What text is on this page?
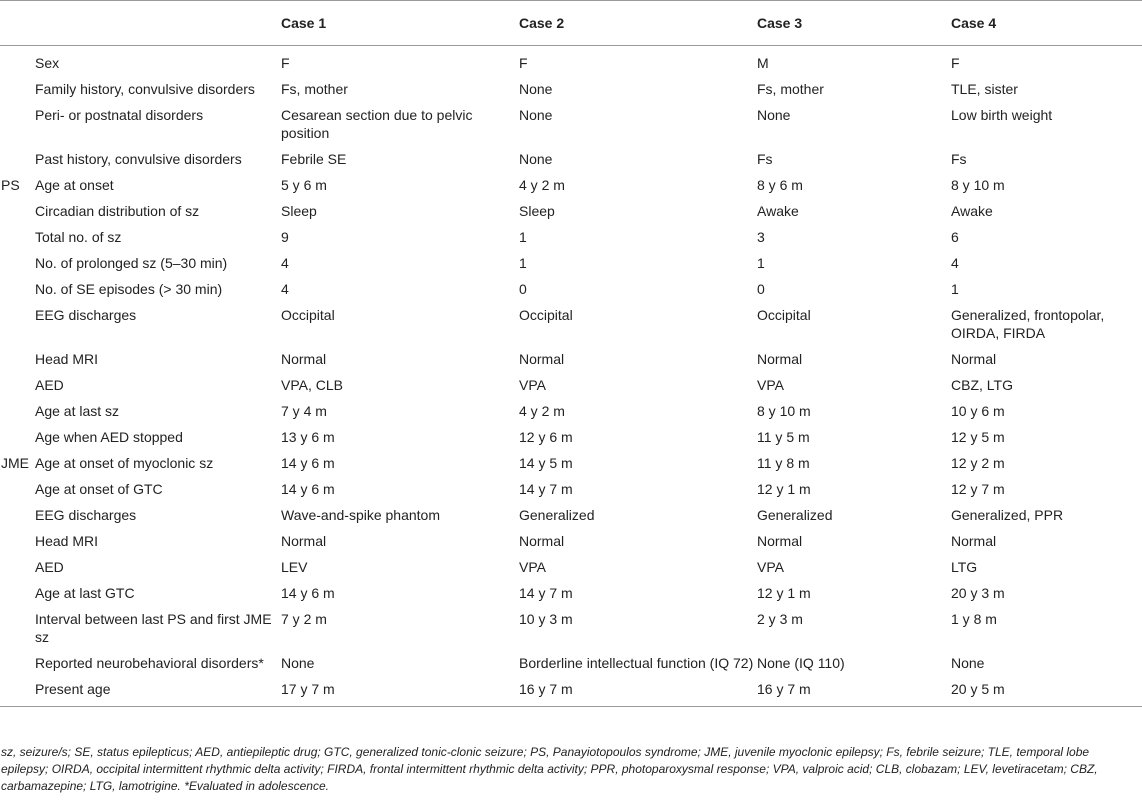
		Case 1	Case 2	Case 3	Case 4
	Sex	F	F	M	F
	Family history, convulsive disorders	Fs, mother	None	Fs, mother	TLE, sister
	Peri- or postnatal disorders	Cesarean section due to pelvic position	None	None	Low birth weight
	Past history, convulsive disorders	Febrile SE	None	Fs	Fs
PS	Age at onset	5 y 6 m	4 y 2 m	8 y 6 m	8 y 10 m
	Circadian distribution of sz	Sleep	Sleep	Awake	Awake
	Total no. of sz	9	1	3	6
	No. of prolonged sz (5–30 min)	4	1	1	4
	No. of SE episodes (> 30 min)	4	0	0	1
	EEG discharges	Occipital	Occipital	Occipital	Generalized, frontopolar, OIRDA, FIRDA
	Head MRI	Normal	Normal	Normal	Normal
	AED	VPA, CLB	VPA	VPA	CBZ, LTG
	Age at last sz	7 y 4 m	4 y 2 m	8 y 10 m	10 y 6 m
	Age when AED stopped	13 y 6 m	12 y 6 m	11 y 5 m	12 y 5 m
JME	Age at onset of myoclonic sz	14 y 6 m	14 y 5 m	11 y 8 m	12 y 2 m
	Age at onset of GTC	14 y 6 m	14 y 7 m	12 y 1 m	12 y 7 m
	EEG discharges	Wave-and-spike phantom	Generalized	Generalized	Generalized, PPR
	Head MRI	Normal	Normal	Normal	Normal
	AED	LEV	VPA	VPA	LTG
	Age at last GTC	14 y 6 m	14 y 7 m	12 y 1 m	20 y 3 m
	Interval between last PS and first JME sz	7 y 2 m	10 y 3 m	2 y 3 m	1 y 8 m
	Reported neurobehavioral disorders*	None	Borderline intellectual function (IQ 72)	None (IQ 110)	None
	Present age	17 y 7 m	16 y 7 m	16 y 7 m	20 y 5 m
sz, seizure/s; SE, status epilepticus; AED, antiepileptic drug; GTC, generalized tonic-clonic seizure; PS, Panayiotopoulos syndrome; JME, juvenile myoclonic epilepsy; Fs, febrile seizure; TLE, temporal lobe epilepsy; OIRDA, occipital intermittent rhythmic delta activity; FIRDA, frontal intermittent rhythmic delta activity; PPR, photoparoxysmal response; VPA, valproic acid; CLB, clobazam; LEV, levetiracetam; CBZ, carbamazepine; LTG, lamotrigine. *Evaluated in adolescence.
